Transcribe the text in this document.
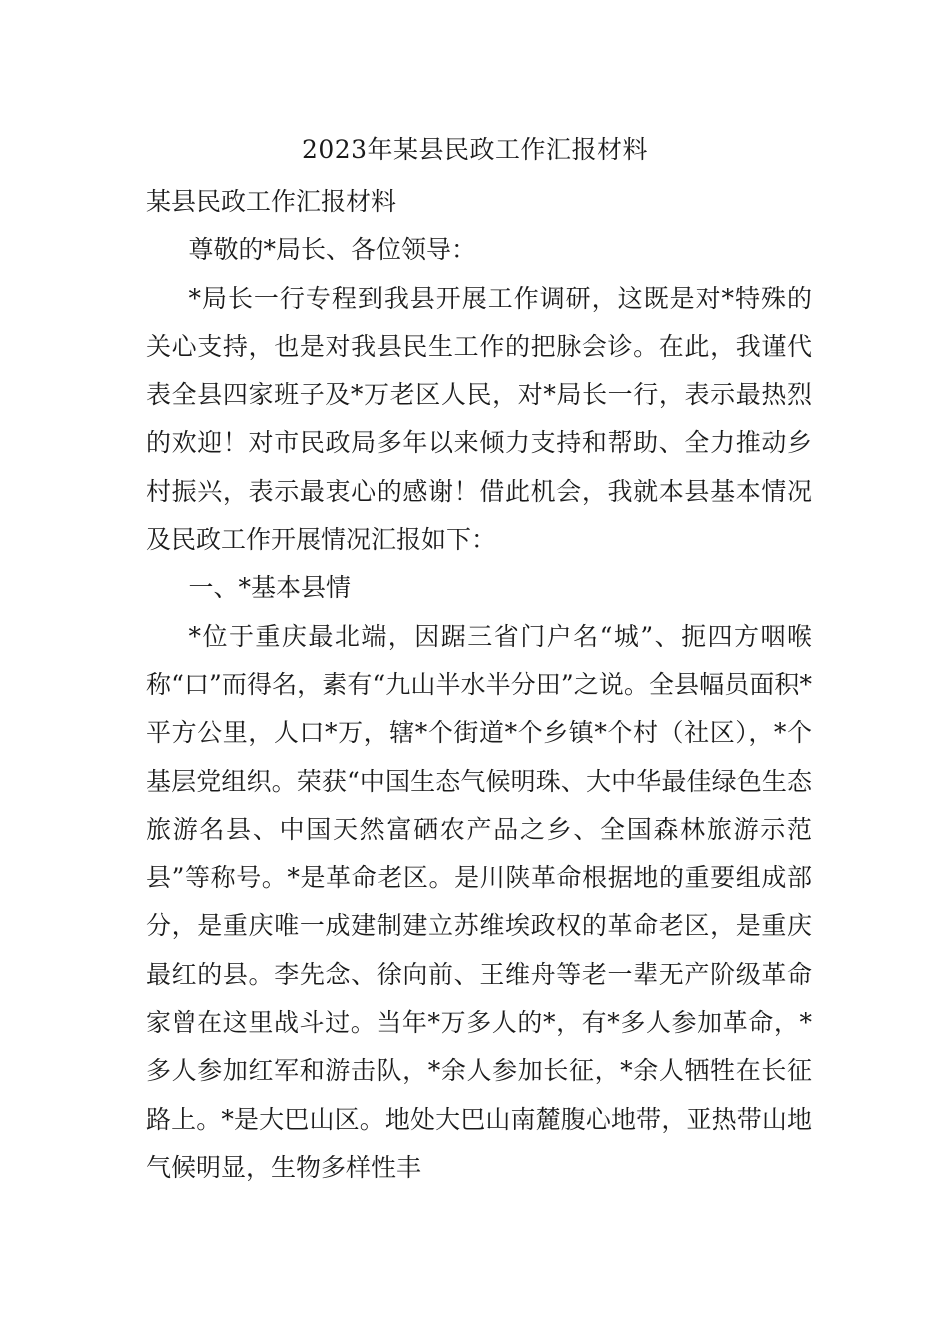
2023年某县民政工作汇报材料

某县民政工作汇报材料

尊敬的*局长、各位领导：

*局长一行专程到我县开展工作调研，这既是对*特殊的关心支持，也是对我县民生工作的把脉会诊。在此，我谨代表全县四家班子及*万老区人民，对*局长一行，表示最热烈的欢迎！对市民政局多年以来倾力支持和帮助、全力推动乡村振兴，表示最衷心的感谢！借此机会，我就本县基本情况及民政工作开展情况汇报如下：

一、*基本县情

*位于重庆最北端，因踞三省门户名“城”、扼四方咽喉称“口”而得名，素有“九山半水半分田”之说。全县幅员面积*平方公里，人口*万，辖*个街道*个乡镇*个村（社区），*个基层党组织。荣获“中国生态气候明珠、大中华最佳绿色生态旅游名县、中国天然富硒农产品之乡、全国森林旅游示范县”等称号。*是革命老区。是川陕革命根据地的重要组成部分，是重庆唯一成建制建立苏维埃政权的革命老区，是重庆最红的县。李先念、徐向前、王维舟等老一辈无产阶级革命家曾在这里战斗过。当年*万多人的*，有*多人参加革命，*多人参加红军和游击队，*余人参加长征，*余人牺牲在长征路上。*是大巴山区。地处大巴山南麓腹心地带，亚热带山地气候明显，生物多样性丰
